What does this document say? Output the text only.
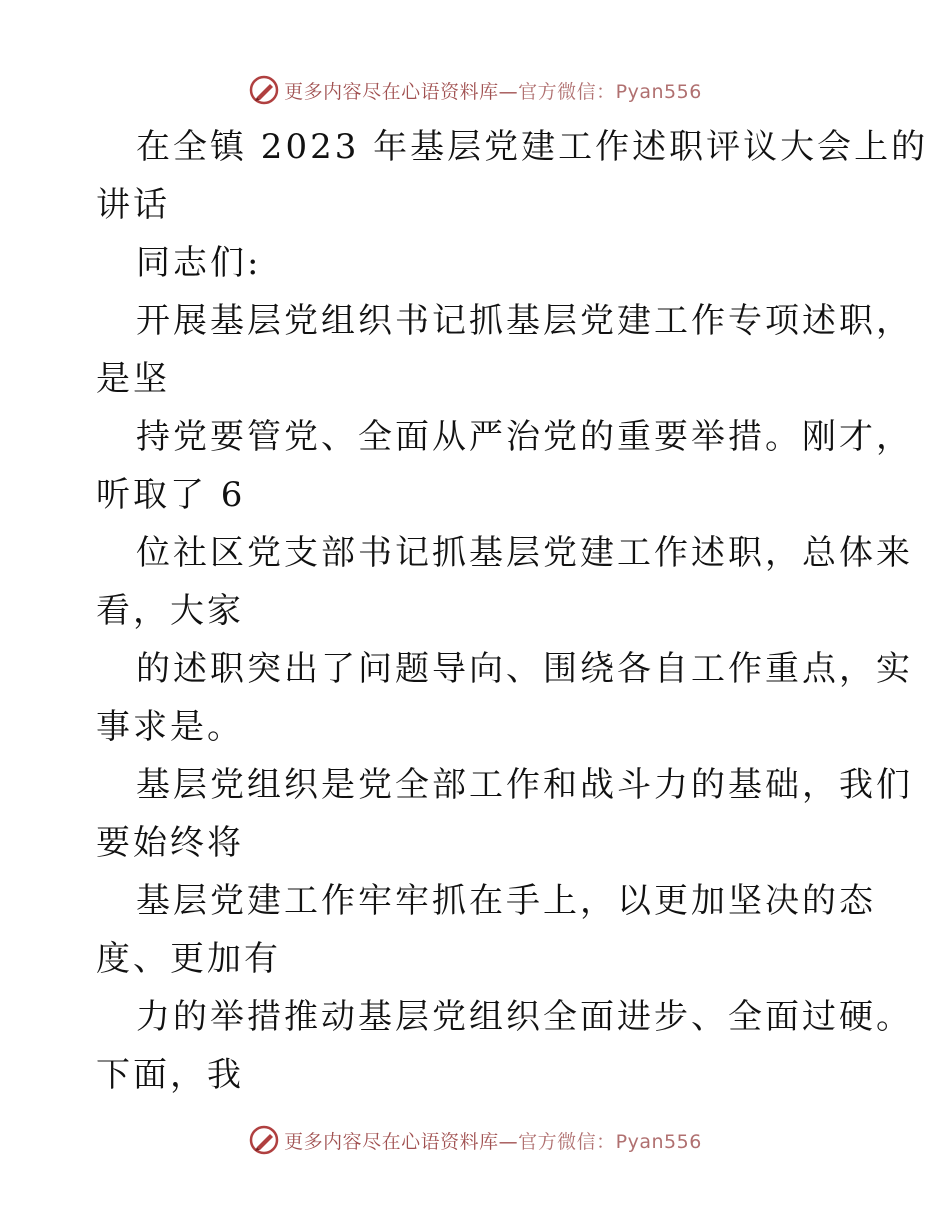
更多内容尽在心语资料库—官方微信：Pyan556
在全镇 2023 年基层党建工作述职评议大会上的
讲话
同志们:
开展基层党组织书记抓基层党建工作专项述职，
是坚
持党要管党、全面从严治党的重要举措。刚才，
听取了 6
位社区党支部书记抓基层党建工作述职，总体来
看，大家
的述职突出了问题导向、围绕各自工作重点，实
事求是。
基层党组织是党全部工作和战斗力的基础，我们
要始终将
基层党建工作牢牢抓在手上，以更加坚决的态
度、更加有
力的举措推动基层党组织全面进步、全面过硬。
下面，我
更多内容尽在心语资料库—官方微信：Pyan556
